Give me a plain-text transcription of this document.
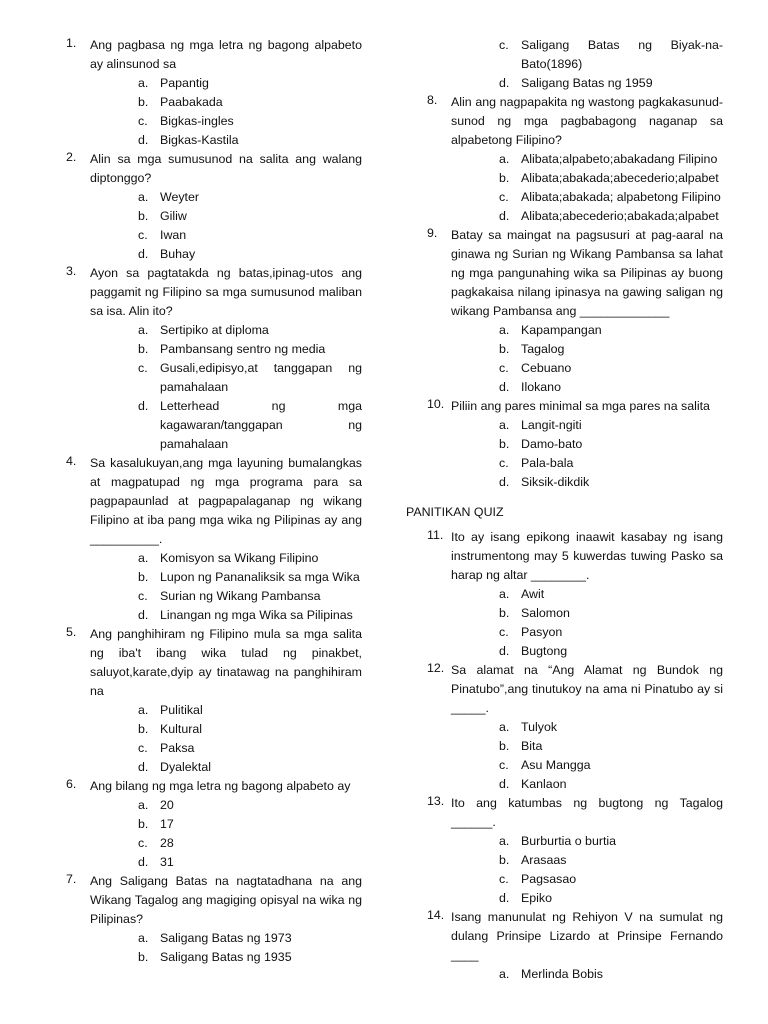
1. Ang pagbasa ng mga letra ng bagong alpabeto ay alinsunod sa
a. Papantig
b. Paabakada
c. Bigkas-ingles
d. Bigkas-Kastila
2. Alin sa mga sumusunod na salita ang walang diptonggo?
a. Weyter
b. Giliw
c. Iwan
d. Buhay
3. Ayon sa pagtatakda ng batas,ipinag-utos ang paggamit ng Filipino sa mga sumusunod maliban sa isa. Alin ito?
a. Sertipiko at diploma
b. Pambansang sentro ng media
c. Gusali,edipisyo,at tanggapan ng pamahalaan
d. Letterhead ng mga kagawaran/tanggapan ng pamahalaan
4. Sa kasalukuyan,ang mga layuning bumalangkas at magpatupad ng mga programa para sa pagpapaunlad at pagpapalaganap ng wikang Filipino at iba pang mga wika ng Pilipinas ay ang __________.
a. Komisyon sa Wikang Filipino
b. Lupon ng Pananaliksik sa mga Wika
c. Surian ng Wikang Pambansa
d. Linangan ng mga Wika sa Pilipinas
5. Ang panghihiram ng Filipino mula sa mga salita ng iba't ibang wika tulad ng pinakbet, saluyot,karate,dyip ay tinatawag na panghihiram na
a. Pulitikal
b. Kultural
c. Paksa
d. Dyalektal
6. Ang bilang ng mga letra ng bagong alpabeto ay
a. 20
b. 17
c. 28
d. 31
7. Ang Saligang Batas na nagtatadhana na ang Wikang Tagalog ang magiging opisyal na wika ng Pilipinas?
a. Saligang Batas ng 1973
b. Saligang Batas ng 1935
c. Saligang Batas ng Biyak-na-Bato(1896)
d. Saligang Batas ng 1959
8. Alin ang nagpapakita ng wastong pagkakasunud-sunod ng mga pagbabagong naganap sa alpabetong Filipino?
a. Alibata;alpabeto;abakadang Filipino
b. Alibata;abakada;abecederio;alpabet
c. Alibata;abakada; alpabetong Filipino
d. Alibata;abecederio;abakada;alpabet
9. Batay sa maingat na pagsusuri at pag-aaral na ginawa ng Surian ng Wikang Pambansa sa lahat ng mga pangunahing wika sa Pilipinas ay buong pagkakaisa nilang ipinasya na gawing saligan ng wikang Pambansa ang _____________
a. Kapampangan
b. Tagalog
c. Cebuano
d. Ilokano
10. Piliin ang pares minimal sa mga pares na salita
a. Langit-ngiti
b. Damo-bato
c. Pala-bala
d. Siksik-dikdik
PANITIKAN QUIZ
11. Ito ay isang epikong inaawit kasabay ng isang instrumentong may 5 kuwerdas tuwing Pasko sa harap ng altar ________.
a. Awit
b. Salomon
c. Pasyon
d. Bugtong
12. Sa alamat na “Ang Alamat ng Bundok ng Pinatubo”,ang tinutukoy na ama ni Pinatubo ay si _____.
a. Tulyok
b. Bita
c. Asu Mangga
d. Kanlaon
13. Ito ang katumbas ng bugtong ng Tagalog ______.
a. Burburtia o burtia
b. Arasaas
c. Pagsasao
d. Epiko
14. Isang manunulat ng Rehiyon V na sumulat ng dulang Prinsipe Lizardo at Prinsipe Fernando ____
a. Merlinda Bobis
